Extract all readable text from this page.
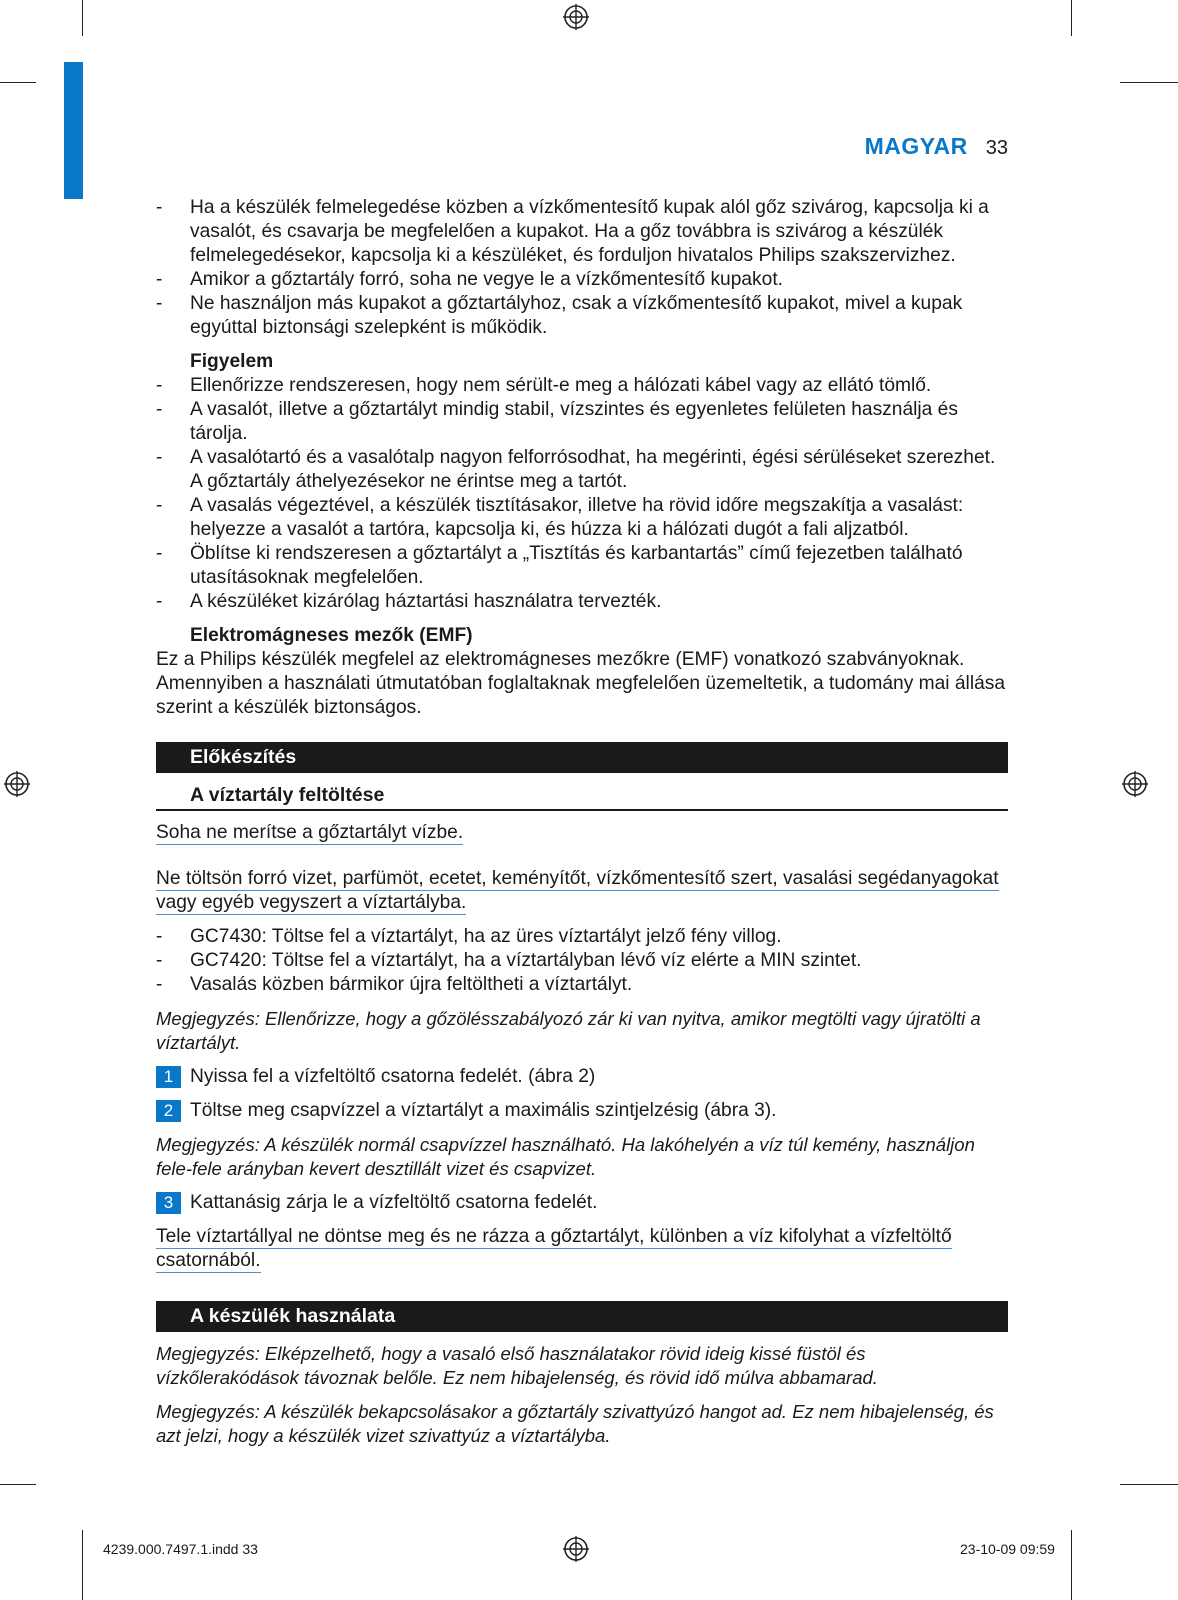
MAGYAR 33
- Ha a készülék felmelegedése közben a vízkőmentesítő kupak alól gőz szivárog, kapcsolja ki a vasalót, és csavarja be megfelelően a kupakot. Ha a gőz továbbra is szivárog a készülék felmelegedésekor, kapcsolja ki a készüléket, és forduljon hivatalos Philips szakszervizhez.
- Amikor a gőztartály forró, soha ne vegye le a vízkőmentesítő kupakot.
- Ne használjon más kupakot a gőztartályhoz, csak a vízkőmentesítő kupakot, mivel a kupak egyúttal biztonsági szelepként is működik.
Figyelem
- Ellenőrizze rendszeresen, hogy nem sérült-e meg a hálózati kábel vagy az ellátó tömlő.
- A vasalót, illetve a gőztartályt mindig stabil, vízszintes és egyenletes felületen használja és tárolja.
- A vasalótartó és a vasalótalp nagyon felforrósodhat, ha megérinti, égési sérüléseket szerezhet. A gőztartály áthelyezésekor ne érintse meg a tartót.
- A vasalás végeztével, a készülék tisztításakor, illetve ha rövid időre megszakítja a vasalást: helyezze a vasalót a tartóra, kapcsolja ki, és húzza ki a hálózati dugót a fali aljzatból.
- Öblítse ki rendszeresen a gőztartályt a „Tisztítás és karbantartás” című fejezetben található utasításoknak megfelelően.
- A készüléket kizárólag háztartási használatra tervezték.
Elektromágneses mezők (EMF)

Ez a Philips készülék megfelel az elektromágneses mezőkre (EMF) vonatkozó szabványoknak. Amennyiben a használati útmutatóban foglaltaknak megfelelően üzemeltetik, a tudomány mai állása szerint a készülék biztonságos.

Előkészítés
A víztartály feltöltése

Soha ne merítse a gőztartályt vízbe.

Ne töltsön forró vizet, parfümöt, ecetet, keményítőt, vízkőmentesítő szert, vasalási segédanyagokat vagy egyéb vegyszert a víztartályba.

- GC7430: Töltse fel a víztartályt, ha az üres víztartályt jelző fény villog.
- GC7420: Töltse fel a víztartályt, ha a víztartályban lévő víz elérte a MIN szintet.
- Vasalás közben bármikor újra feltöltheti a víztartályt.

Megjegyzés: Ellenőrizze, hogy a gőzölésszabályozó zár ki van nyitva, amikor megtölti vagy újratölti a víztartályt.

1 Nyissa fel a vízfeltöltő csatorna fedelét. (ábra 2)
2 Töltse meg csapvízzel a víztartályt a maximális szintjelzésig (ábra 3).

Megjegyzés: A készülék normál csapvízzel használható. Ha lakóhelyén a víz túl kemény, használjon fele-fele arányban kevert desztillált vizet és csapvizet.

3 Kattanásig zárja le a vízfeltöltő csatorna fedelét.

Tele víztartállyal ne döntse meg és ne rázza a gőztartályt, különben a víz kifolyhat a vízfeltöltő csatornából.

A készülék használata

Megjegyzés: Elképzelhető, hogy a vasaló első használatakor rövid ideig kissé füstöl és vízkőlerakódások távoznak belőle. Ez nem hibajelenség, és rövid idő múlva abbamarad.

Megjegyzés: A készülék bekapcsolásakor a gőztartály szivattyúzó hangot ad. Ez nem hibajelenség, és azt jelzi, hogy a készülék vizet szivattyúz a víztartályba.

4239.000.7497.1.indd 33	23-10-09 09:59
